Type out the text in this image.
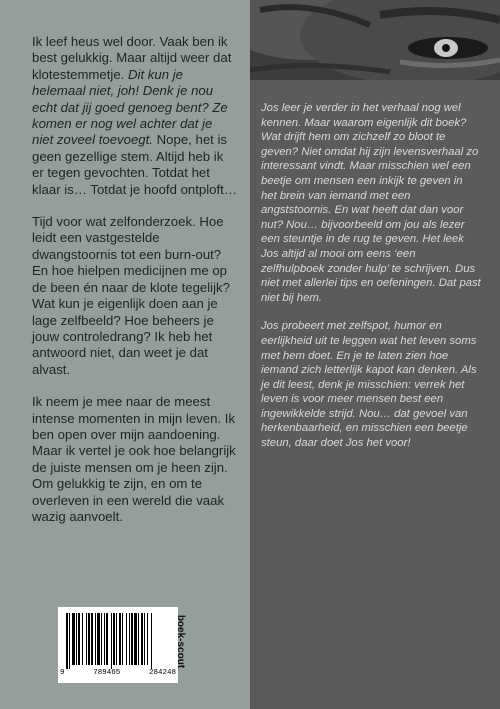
Ik leef heus wel door. Vaak ben ik best gelukkig. Maar altijd weer dat klotestemmetje. Dit kun je helemaal niet, joh! Denk je nou echt dat jij goed genoeg bent? Ze komen er nog wel achter dat je niet zoveel toevoegt. Nope, het is geen gezellige stem. Altijd heb ik er tegen gevochten. Totdat het klaar is… Totdat je hoofd ontploft…

Tijd voor wat zelfonderzoek. Hoe leidt een vastgestelde dwangstoornis tot een burn-out? En hoe hielpen medicijnen me op de been én naar de klote tegelijk? Wat kun je eigenlijk doen aan je lage zelfbeeld? Hoe beheers je jouw controledrang? Ik heb het antwoord niet, dan weet je dat alvast.

Ik neem je mee naar de meest intense momenten in mijn leven. Ik ben open over mijn aandoening. Maar ik vertel je ook hoe belangrijk de juiste mensen om je heen zijn. Om gelukkig te zijn, en om te overleven in een wereld die vaak wazig aanvoelt.

9	789465	284248
boek-scout

Jos leer je verder in het verhaal nog wel kennen. Maar waarom eigenlijk dit boek? Wat drijft hem om zichzelf zo bloot te geven? Niet omdat hij zijn levensverhaal zo interessant vindt. Maar misschien wel een beetje om mensen een inkijk te geven in het brein van iemand met een angststoornis. En wat heeft dat dan voor nut? Nou… bijvoorbeeld om jou als lezer een steuntje in de rug te geven. Het leek Jos altijd al mooi om eens ‘een zelfhulpboek zonder hulp’ te schrijven. Dus niet met allerlei tips en oefeningen. Dat past niet bij hem.

Jos probeert met zelfspot, humor en eerlijkheid uit te leggen wat het leven soms met hem doet. En je te laten zien hoe iemand zich letterlijk kapot kan denken. Als je dit leest, denk je misschien: verrek het leven is voor meer mensen best een ingewikkelde strijd. Nou… dat gevoel van herkenbaarheid, en misschien een beetje steun, daar doet Jos het voor!
